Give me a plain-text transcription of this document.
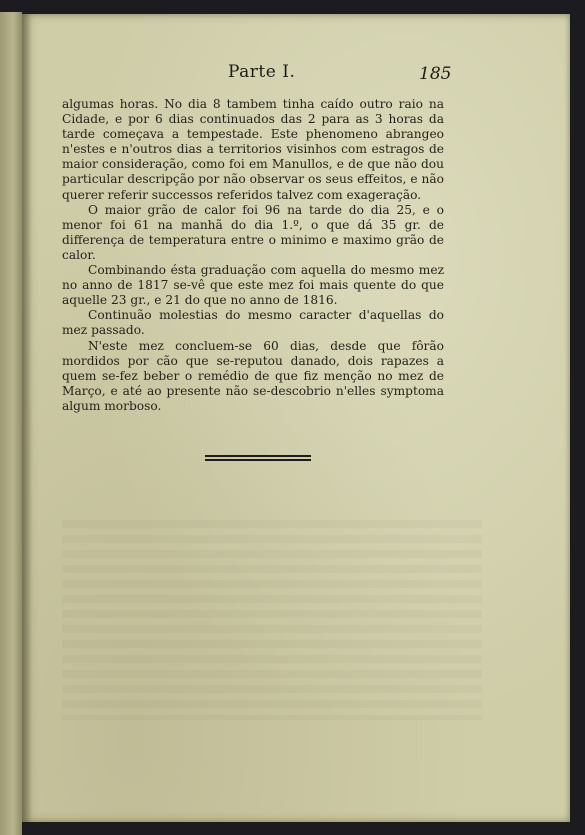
Parte I.	185

algumas horas. No dia 8 tambem tinha caído outro raio na Cidade, e por 6 dias continuados das 2 para as 3 horas da tarde começava a tempestade. Este phenomeno abrangeo n'estes e n'outros dias a territorios visinhos com estragos de maior consideração, como foi em Manullos, e de que não dou particular descripção por não observar os seus effeitos, e não querer referir successos referidos talvez com exageração.

O maior grão de calor foi 96 na tarde do dia 25, e o menor foi 61 na manhã do dia 1.º, o que dá 35 gr. de differença de temperatura entre o minimo e maximo grão de calor.

Combinando ésta graduação com aquella do mesmo mez no anno de 1817 se-vê que este mez foi mais quente do que aquelle 23 gr., e 21 do que no anno de 1816.

Continuão molestias do mesmo caracter d'aquellas do mez passado.

N'este mez concluem-se 60 dias, desde que fôrão mordidos por cão que se-reputou danado, dois rapazes a quem se-fez beber o remédio de que fiz menção no mez de Março, e até ao presente não se-descobrio n'elles symptoma algum morboso.
